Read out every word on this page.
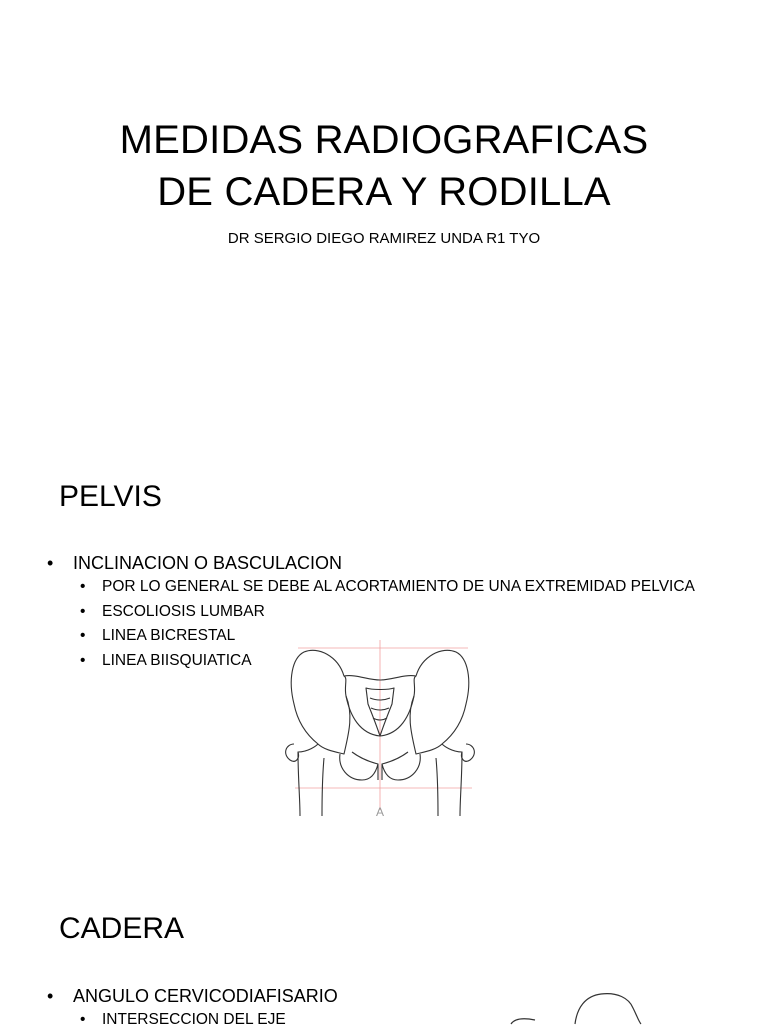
MEDIDAS RADIOGRAFICAS
DE CADERA Y RODILLA
DR SERGIO DIEGO RAMIREZ UNDA R1 TYO
PELVIS
• INCLINACION O BASCULACION
• POR LO GENERAL SE DEBE AL ACORTAMIENTO DE UNA EXTREMIDAD PELVICA
• ESCOLIOSIS LUMBAR
• LINEA BICRESTAL
• LINEA BIISQUIATICA
A
CADERA
• ANGULO CERVICODIAFISARIO
• INTERSECCION DEL EJE
